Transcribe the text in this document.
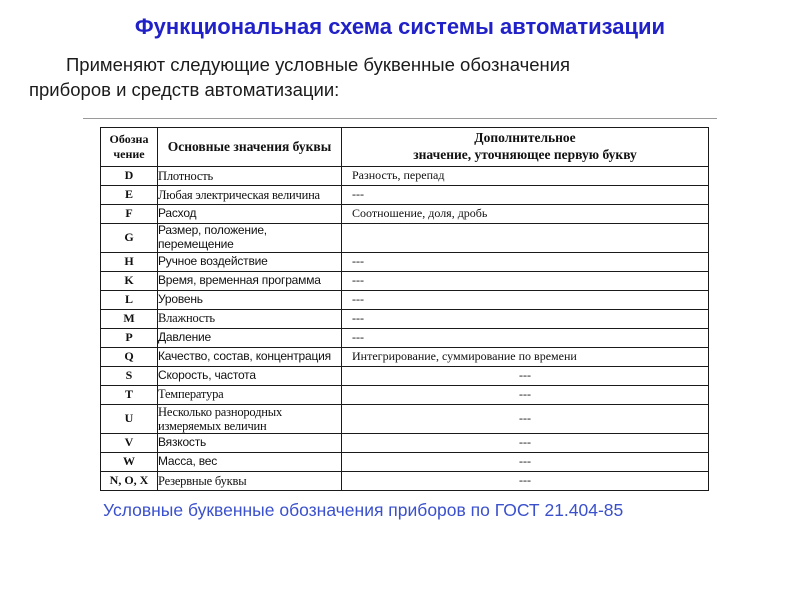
Функциональная схема системы автоматизации

Применяют следующие условные буквенные обозначения
приборов и средств автоматизации:

Обозна
чение	Основные значения буквы	Дополнительное
значение, уточняющее первую букву
D	Плотность	Разность, перепад
E	Любая электрическая величина	---
F	Расход	Соотношение, доля, дробь
G	Размер, положение, перемещение	
H	Ручное воздействие	---
K	Время, временная программа	---
L	Уровень	---
M	Влажность	---
P	Давление	---
Q	Качество, состав, концентрация	Интегрирование, суммирование по времени
S	Скорость, частота	---
T	Температура	---
U	Несколько разнородных измеряемых величин	---
V	Вязкость	---
W	Масса, вес	---
N, O, X	Резервные буквы	---

Условные буквенные обозначения приборов по ГОСТ 21.404-85
